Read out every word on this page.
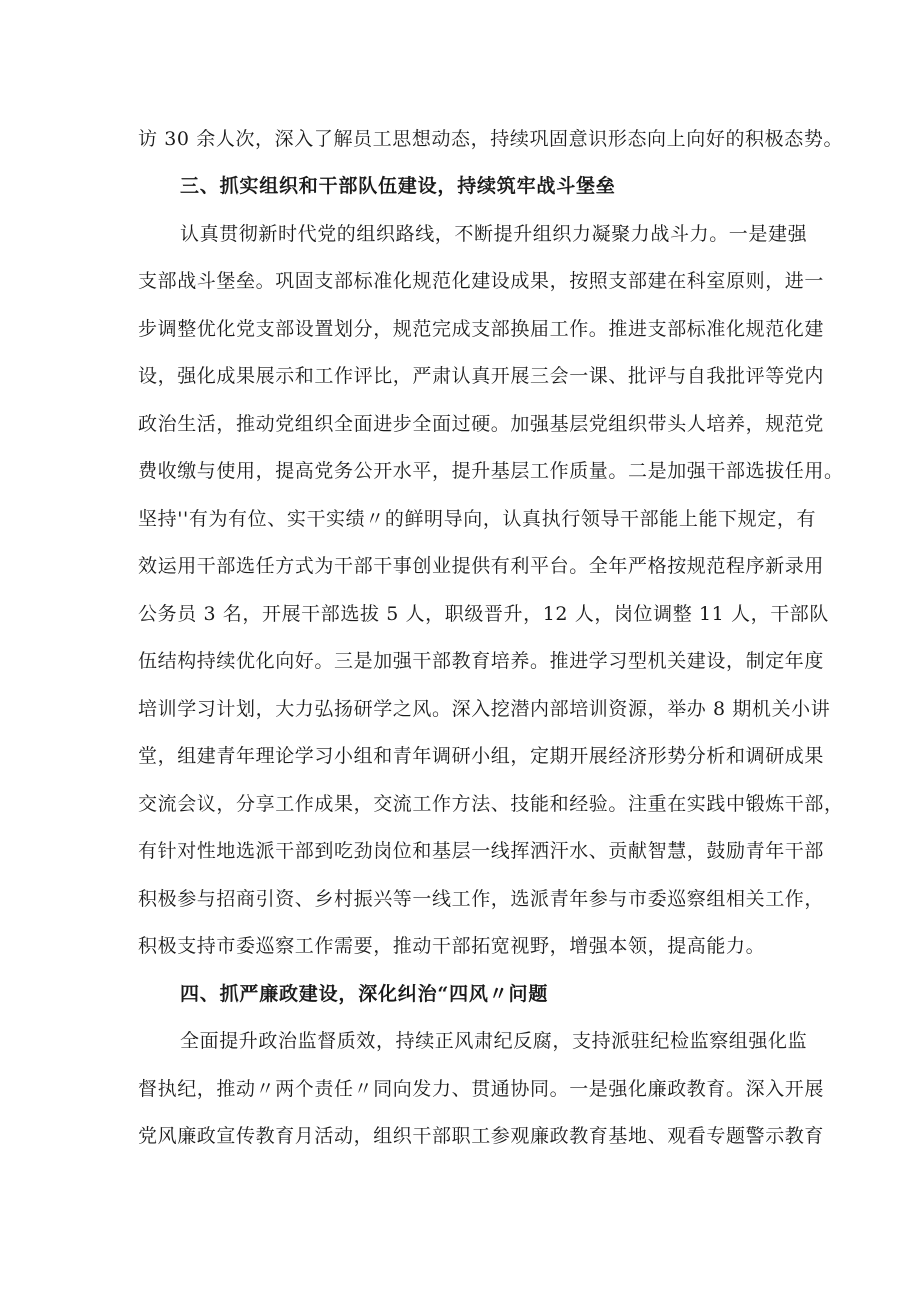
访 30 余人次，深入了解员工思想动态，持续巩固意识形态向上向好的积极态势。
三、抓实组织和干部队伍建设，持续筑牢战斗堡垒
认真贯彻新时代党的组织路线，不断提升组织力凝聚力战斗力。一是建强
支部战斗堡垒。巩固支部标准化规范化建设成果，按照支部建在科室原则，进一
步调整优化党支部设置划分，规范完成支部换届工作。推进支部标准化规范化建
设，强化成果展示和工作评比，严肃认真开展三会一课、批评与自我批评等党内
政治生活，推动党组织全面进步全面过硬。加强基层党组织带头人培养，规范党
费收缴与使用，提高党务公开水平，提升基层工作质量。二是加强干部选拔任用。
坚持''有为有位、实干实绩〃的鲜明导向，认真执行领导干部能上能下规定，有
效运用干部选任方式为干部干事创业提供有利平台。全年严格按规范程序新录用
公务员 3 名，开展干部选拔 5 人，职级晋升，12 人，岗位调整 11 人，干部队
伍结构持续优化向好。三是加强干部教育培养。推进学习型机关建设，制定年度
培训学习计划，大力弘扬研学之风。深入挖潜内部培训资源，举办 8 期机关小讲
堂，组建青年理论学习小组和青年调研小组，定期开展经济形势分析和调研成果
交流会议，分享工作成果，交流工作方法、技能和经验。注重在实践中锻炼干部，
有针对性地选派干部到吃劲岗位和基层一线挥洒汗水、贡献智慧，鼓励青年干部
积极参与招商引资、乡村振兴等一线工作，选派青年参与市委巡察组相关工作，
积极支持市委巡察工作需要，推动干部拓宽视野，增强本领，提高能力。
四、抓严廉政建设，深化纠治“四风〃问题
全面提升政治监督质效，持续正风肃纪反腐，支持派驻纪检监察组强化监
督执纪，推动〃两个责任〃同向发力、贯通协同。一是强化廉政教育。深入开展
党风廉政宣传教育月活动，组织干部职工参观廉政教育基地、观看专题警示教育
